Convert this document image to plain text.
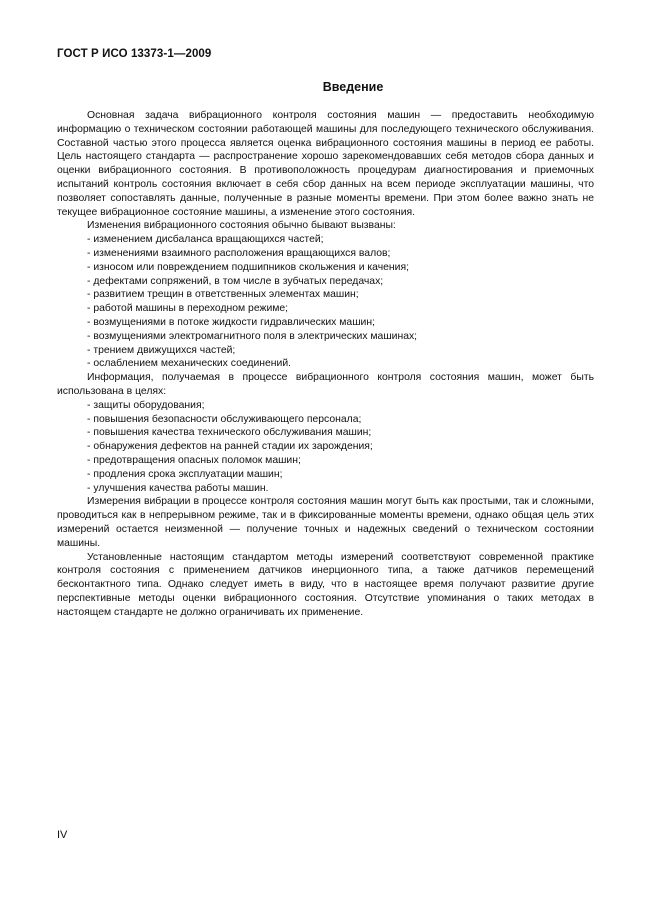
ГОСТ Р ИСО 13373-1—2009
Введение

Основная задача вибрационного контроля состояния машин — предоставить необходимую информацию о техническом состоянии работающей машины для последующего технического обслуживания. Составной частью этого процесса является оценка вибрационного состояния машины в период ее работы. Цель настоящего стандарта — распространение хорошо зарекомендовавших себя методов сбора данных и оценки вибрационного состояния. В противоположность процедурам диагностирования и приемочных испытаний контроль состояния включает в себя сбор данных на всем периоде эксплуатации машины, что позволяет сопоставлять данные, полученные в разные моменты времени. При этом более важно знать не текущее вибрационное состояние машины, а изменение этого состояния.

Изменения вибрационного состояния обычно бывают вызваны:

- изменением дисбаланса вращающихся частей;
- изменениями взаимного расположения вращающихся валов;
- износом или повреждением подшипников скольжения и качения;
- дефектами сопряжений, в том числе в зубчатых передачах;
- развитием трещин в ответственных элементах машин;
- работой машины в переходном режиме;
- возмущениями в потоке жидкости гидравлических машин;
- возмущениями электромагнитного поля в электрических машинах;
- трением движущихся частей;
- ослаблением механических соединений.

Информация, получаемая в процессе вибрационного контроля состояния машин, может быть использована в целях:

- защиты оборудования;
- повышения безопасности обслуживающего персонала;
- повышения качества технического обслуживания машин;
- обнаружения дефектов на ранней стадии их зарождения;
- предотвращения опасных поломок машин;
- продления срока эксплуатации машин;
- улучшения качества работы машин.

Измерения вибрации в процессе контроля состояния машин могут быть как простыми, так и сложными, проводиться как в непрерывном режиме, так и в фиксированные моменты времени, однако общая цель этих измерений остается неизменной — получение точных и надежных сведений о техническом состоянии машины.

Установленные настоящим стандартом методы измерений соответствуют современной практике контроля состояния с применением датчиков инерционного типа, а также датчиков перемещений бесконтактного типа. Однако следует иметь в виду, что в настоящее время получают развитие другие перспективные методы оценки вибрационного состояния. Отсутствие упоминания о таких методах в настоящем стандарте не должно ограничивать их применение.

IV
